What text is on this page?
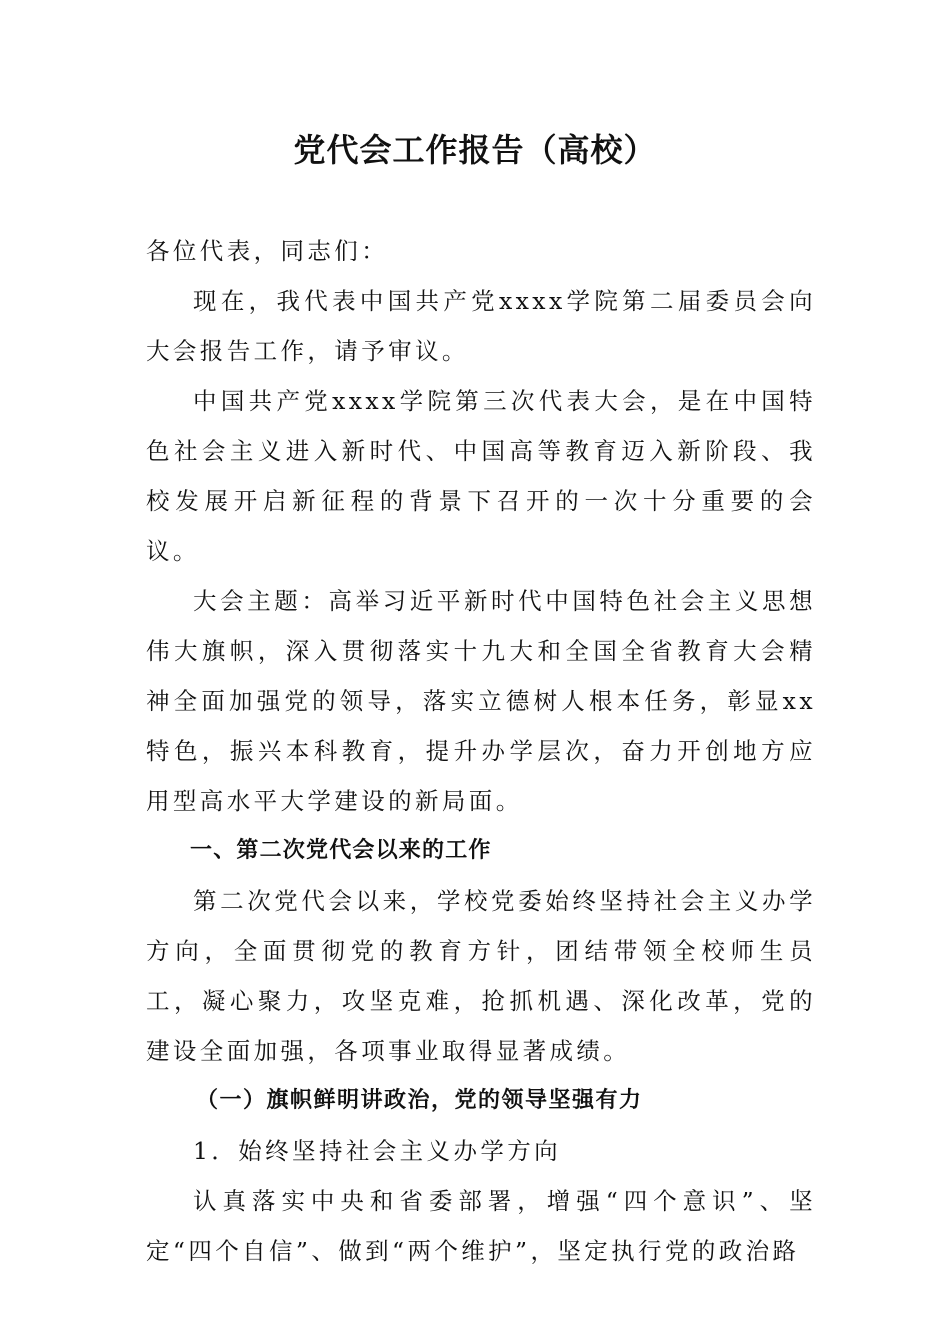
党代会工作报告（高校）

各位代表，同志们：

现在，我代表中国共产党xxxx学院第二届委员会向大会报告工作，请予审议。

中国共产党xxxx学院第三次代表大会，是在中国特色社会主义进入新时代、中国高等教育迈入新阶段、我校发展开启新征程的背景下召开的一次十分重要的会议。

大会主题：高举习近平新时代中国特色社会主义思想伟大旗帜，深入贯彻落实十九大和全国全省教育大会精神全面加强党的领导，落实立德树人根本任务，彰显xx特色，振兴本科教育，提升办学层次，奋力开创地方应用型高水平大学建设的新局面。

一、第二次党代会以来的工作

第二次党代会以来，学校党委始终坚持社会主义办学方向，全面贯彻党的教育方针，团结带领全校师生员工，凝心聚力，攻坚克难，抢抓机遇、深化改革，党的建设全面加强，各项事业取得显著成绩。

（一）旗帜鲜明讲政治，党的领导坚强有力

1．始终坚持社会主义办学方向

认真落实中央和省委部署，增强“四个意识”、坚定“四个自信”、做到“两个维护”，坚定执行党的政治路
